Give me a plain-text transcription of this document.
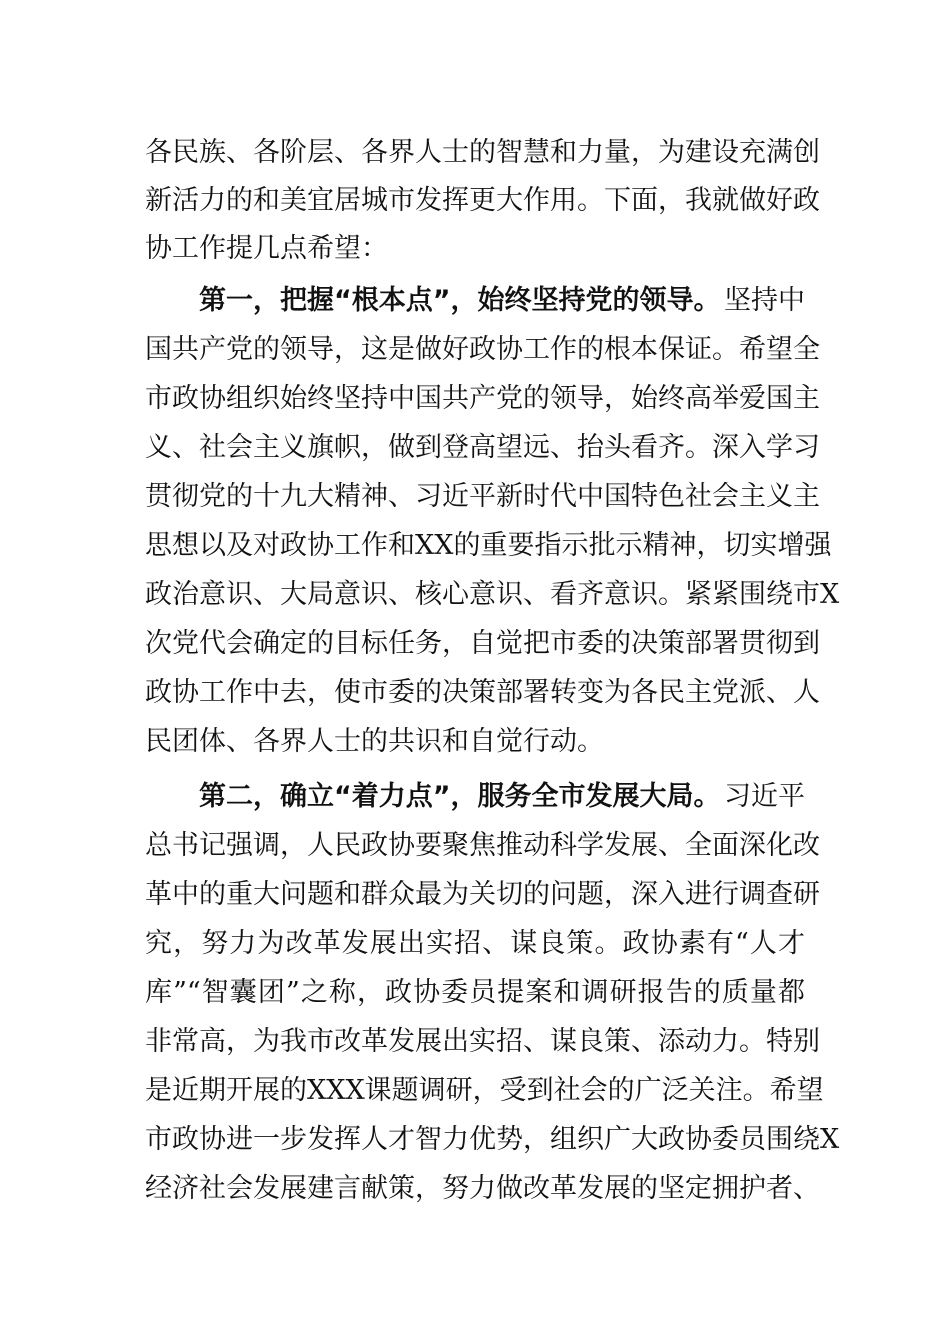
各民族、各阶层、各界人士的智慧和力量，为建设充满创
新活力的和美宜居城市发挥更大作用。下面，我就做好政
协工作提几点希望：
第一，把握“根本点”，始终坚持党的领导。 坚持中
国共产党的领导，这是做好政协工作的根本保证。希望全
市政协组织始终坚持中国共产党的领导，始终高举爱国主
义、社会主义旗帜，做到登高望远、抬头看齐。深入学习
贯彻党的十九大精神、习近平新时代中国特色社会主义主
思想以及对政协工作和XX的重要指示批示精神，切实增强
政治意识、大局意识、核心意识、看齐意识。紧紧围绕市X
次党代会确定的目标任务，自觉把市委的决策部署贯彻到
政协工作中去，使市委的决策部署转变为各民主党派、人
民团体、各界人士的共识和自觉行动。
第二，确立“着力点”，服务全市发展大局。 习近平
总书记强调，人民政协要聚焦推动科学发展、全面深化改
革中的重大问题和群众最为关切的问题，深入进行调查研
究，努力为改革发展出实招、谋良策。政协素有“人才
库”“智囊团”之称，政协委员提案和调研报告的质量都
非常高，为我市改革发展出实招、谋良策、添动力。特别
是近期开展的XXX课题调研，受到社会的广泛关注。希望
市政协进一步发挥人才智力优势，组织广大政协委员围绕X
经济社会发展建言献策，努力做改革发展的坚定拥护者、
